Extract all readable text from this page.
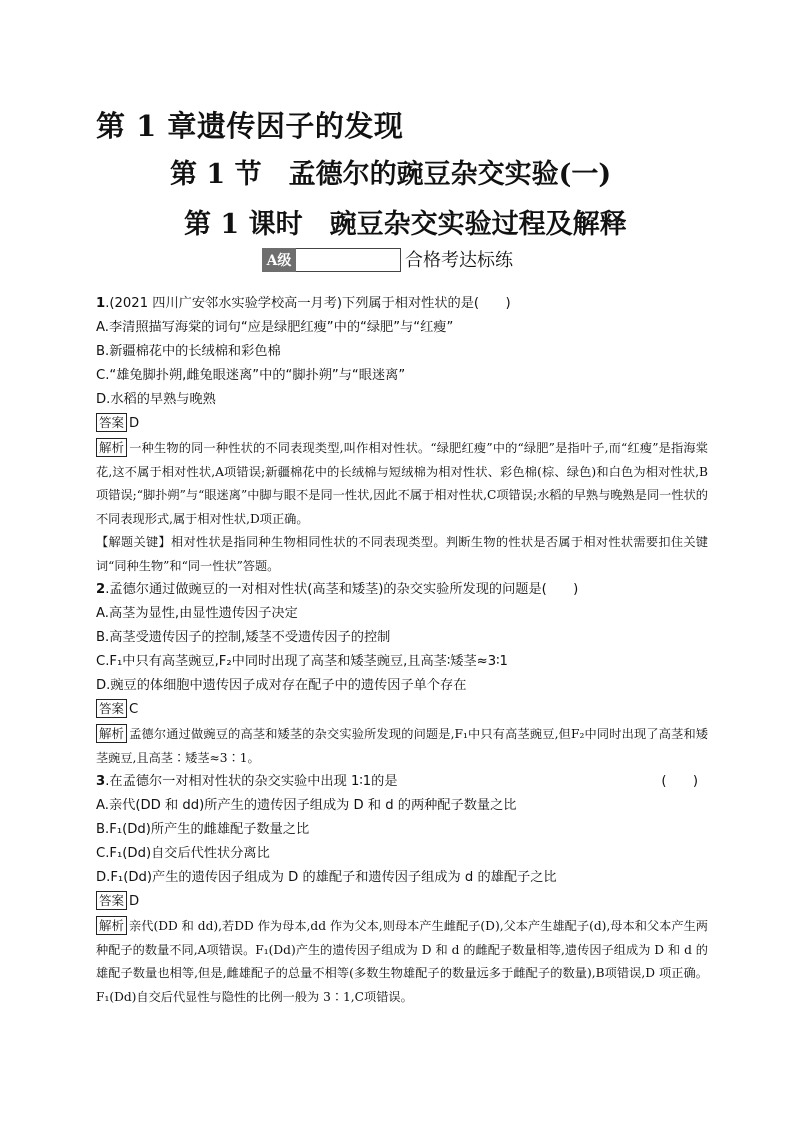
第 1 章遗传因子的发现
第 1 节　孟德尔的豌豆杂交实验(一)
第 1 课时　豌豆杂交实验过程及解释
A级	合格考达标练
1.(2021 四川广安邻水实验学校高一月考)下列属于相对性状的是(　　)
A.李清照描写海棠的词句“应是绿肥红瘦”中的“绿肥”与“红瘦”
B.新疆棉花中的长绒棉和彩色棉
C.“雄兔脚扑朔,雌兔眼迷离”中的“脚扑朔”与“眼迷离”
D.水稻的早熟与晚熟
答案 D
解析 一种生物的同一种性状的不同表现类型,叫作相对性状。“绿肥红瘦”中的“绿肥”是指叶子,而“红瘦”是指海棠花,这不属于相对性状,A项错误;新疆棉花中的长绒棉与短绒棉为相对性状、彩色棉(棕、绿色)和白色为相对性状,B项错误;“脚扑朔”与“眼迷离”中脚与眼不是同一性状,因此不属于相对性状,C项错误;水稻的早熟与晚熟是同一性状的不同表现形式,属于相对性状,D项正确。
【解题关键】相对性状是指同种生物相同性状的不同表现类型。判断生物的性状是否属于相对性状需要扣住关键词“同种生物”和“同一性状”答题。
2.孟德尔通过做豌豆的一对相对性状(高茎和矮茎)的杂交实验所发现的问题是(　　)
A.高茎为显性,由显性遗传因子决定
B.高茎受遗传因子的控制,矮茎不受遗传因子的控制
C.F₁中只有高茎豌豆,F₂中同时出现了高茎和矮茎豌豆,且高茎∶矮茎≈3∶1
D.豌豆的体细胞中遗传因子成对存在配子中的遗传因子单个存在
答案 C
解析 孟德尔通过做豌豆的高茎和矮茎的杂交实验所发现的问题是,F₁中只有高茎豌豆,但F₂中同时出现了高茎和矮茎豌豆,且高茎∶矮茎≈3∶1。
3.在孟德尔一对相对性状的杂交实验中出现 1∶1的是	(　　)
A.亲代(DD 和 dd)所产生的遗传因子组成为 D 和 d 的两种配子数量之比
B.F₁(Dd)所产生的雌雄配子数量之比
C.F₁(Dd)自交后代性状分离比
D.F₁(Dd)产生的遗传因子组成为 D 的雄配子和遗传因子组成为 d 的雄配子之比
答案 D
解析 亲代(DD 和 dd),若DD 作为母本,dd 作为父本,则母本产生雌配子(D),父本产生雄配子(d),母本和父本产生两种配子的数量不同,A项错误。F₁(Dd)产生的遗传因子组成为 D 和 d 的雌配子数量相等,遗传因子组成为 D 和 d 的雄配子数量也相等,但是,雌雄配子的总量不相等(多数生物雄配子的数量远多于雌配子的数量),B项错误,D 项正确。F₁(Dd)自交后代显性与隐性的比例一般为 3∶1,C项错误。
